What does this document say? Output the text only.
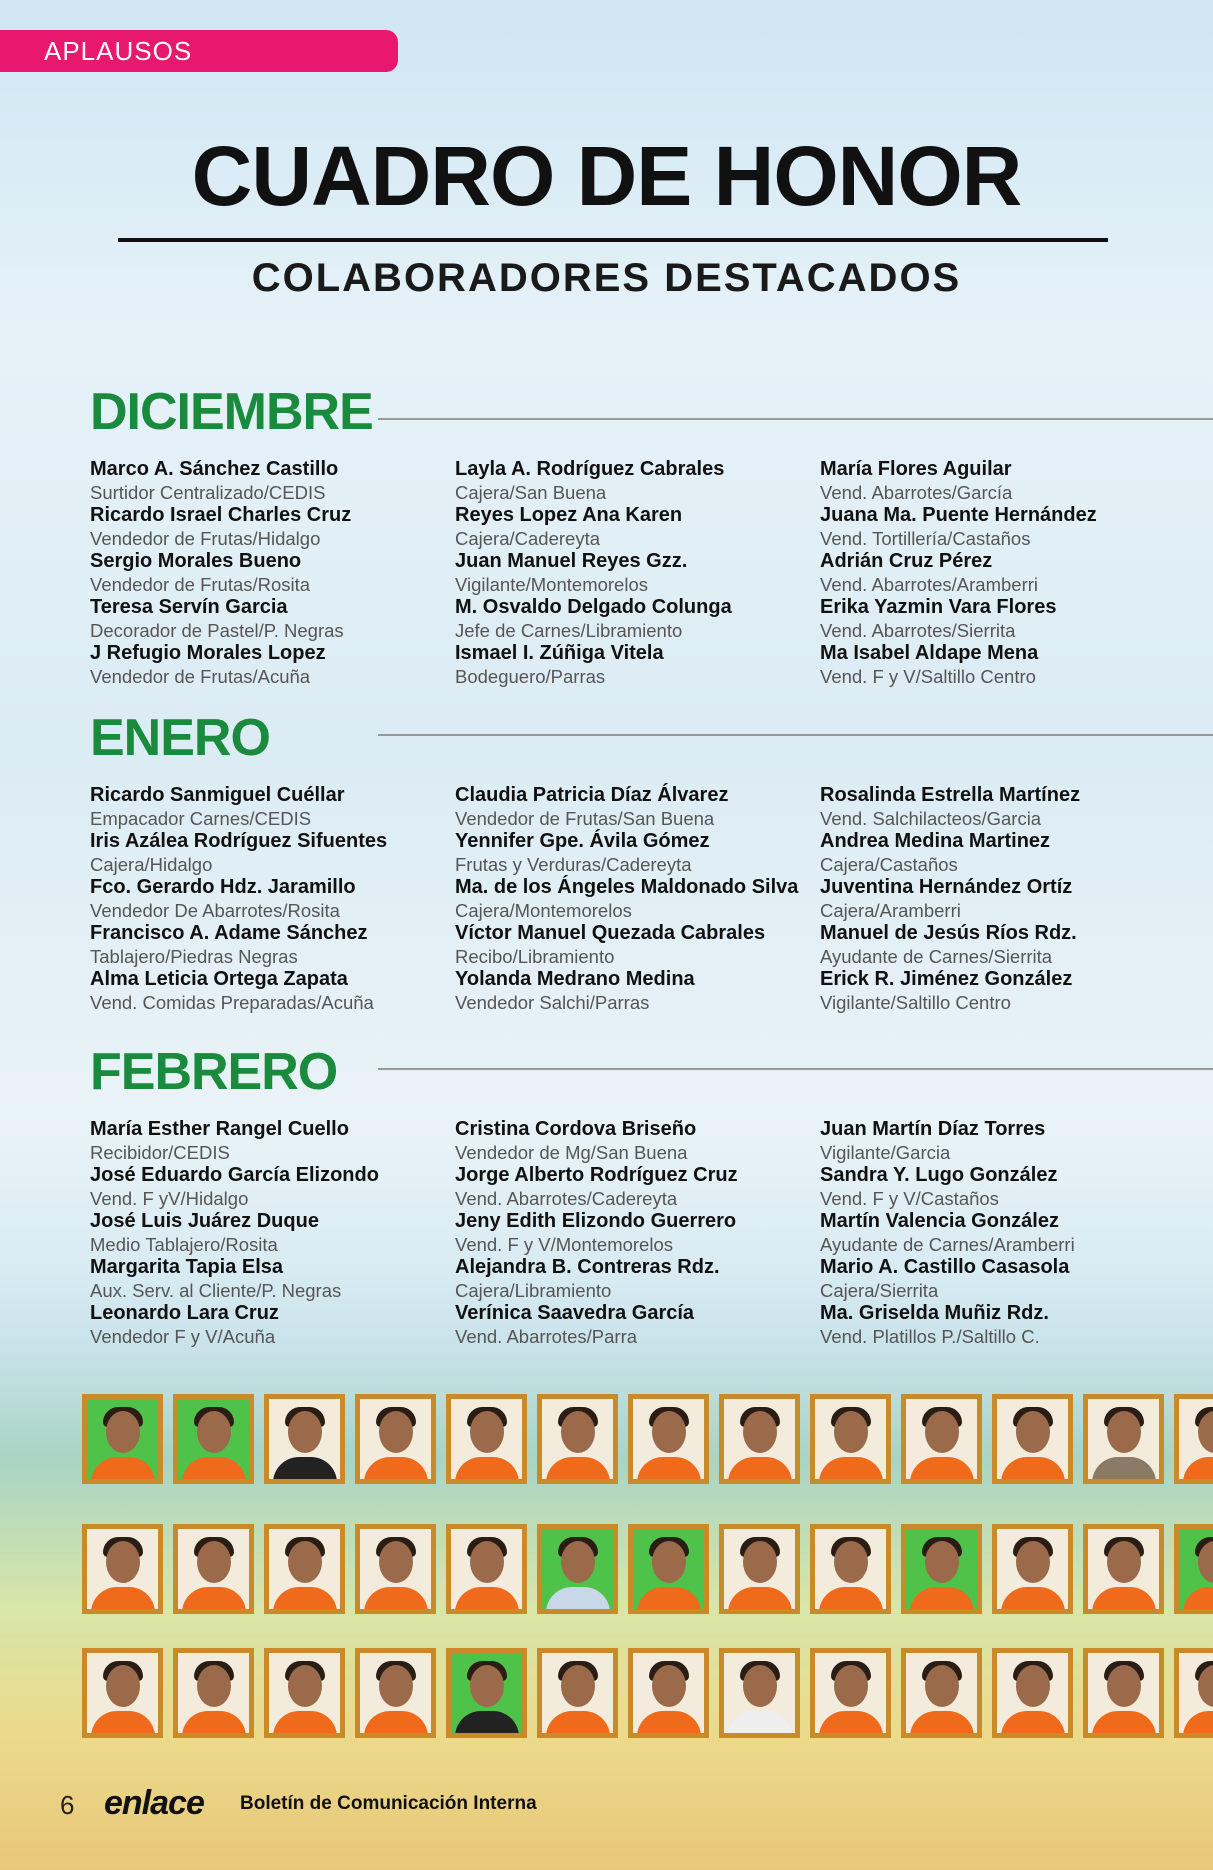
APLAUSOS
CUADRO DE HONOR
COLABORADORES DESTACADOS
DICIEMBRE
Marco A. Sánchez Castillo
Surtidor Centralizado/CEDIS
Ricardo Israel Charles Cruz
Vendedor de Frutas/Hidalgo
Sergio Morales Bueno
Vendedor de Frutas/Rosita
Teresa Servín Garcia
Decorador de Pastel/P. Negras
J Refugio Morales Lopez
Vendedor de Frutas/Acuña
Layla A. Rodríguez Cabrales
Cajera/San Buena
Reyes Lopez Ana Karen
Cajera/Cadereyta
Juan Manuel Reyes Gzz.
Vigilante/Montemorelos
M. Osvaldo Delgado Colunga
Jefe de Carnes/Libramiento
Ismael I. Zúñiga Vitela
Bodeguero/Parras
María Flores Aguilar
Vend. Abarrotes/García
Juana Ma. Puente Hernández
Vend. Tortillería/Castaños
Adrián Cruz Pérez
Vend. Abarrotes/Aramberri
Erika Yazmin Vara Flores
Vend. Abarrotes/Sierrita
Ma Isabel Aldape Mena
Vend. F y V/Saltillo Centro
ENERO
Ricardo Sanmiguel Cuéllar
Empacador Carnes/CEDIS
Iris Azálea Rodríguez Sifuentes
Cajera/Hidalgo
Fco. Gerardo Hdz. Jaramillo
Vendedor De Abarrotes/Rosita
Francisco A. Adame Sánchez
Tablajero/Piedras Negras
Alma Leticia Ortega Zapata
Vend. Comidas Preparadas/Acuña
Claudia Patricia Díaz Álvarez
Vendedor de Frutas/San Buena
Yennifer Gpe. Ávila Gómez
Frutas y Verduras/Cadereyta
Ma. de los Ángeles Maldonado Silva
Cajera/Montemorelos
Víctor Manuel Quezada Cabrales
Recibo/Libramiento
Yolanda Medrano Medina
Vendedor Salchi/Parras
Rosalinda Estrella Martínez
Vend. Salchilacteos/Garcia
Andrea Medina Martinez
Cajera/Castaños
Juventina Hernández Ortíz
Cajera/Aramberri
Manuel de Jesús Ríos Rdz.
Ayudante de Carnes/Sierrita
Erick R. Jiménez González
Vigilante/Saltillo Centro
FEBRERO
María Esther Rangel Cuello
Recibidor/CEDIS
José Eduardo García Elizondo
Vend. F yV/Hidalgo
José Luis Juárez Duque
Medio Tablajero/Rosita
Margarita Tapia Elsa
Aux. Serv. al Cliente/P. Negras
Leonardo Lara Cruz
Vendedor F y V/Acuña
Cristina Cordova Briseño
Vendedor de Mg/San Buena
Jorge Alberto Rodríguez Cruz
Vend. Abarrotes/Cadereyta
Jeny Edith Elizondo Guerrero
Vend. F y V/Montemorelos
Alejandra B. Contreras Rdz.
Cajera/Libramiento
Verínica Saavedra García
Vend. Abarrotes/Parra
Juan Martín Díaz Torres
Vigilante/Garcia
Sandra Y. Lugo González
Vend. F y V/Castaños
Martín Valencia González
Ayudante de Carnes/Aramberri
Mario A. Castillo Casasola
Cajera/Sierrita
Ma. Griselda Muñiz Rdz.
Vend. Platillos P./Saltillo C.
6 enlace Boletín de Comunicación Interna
